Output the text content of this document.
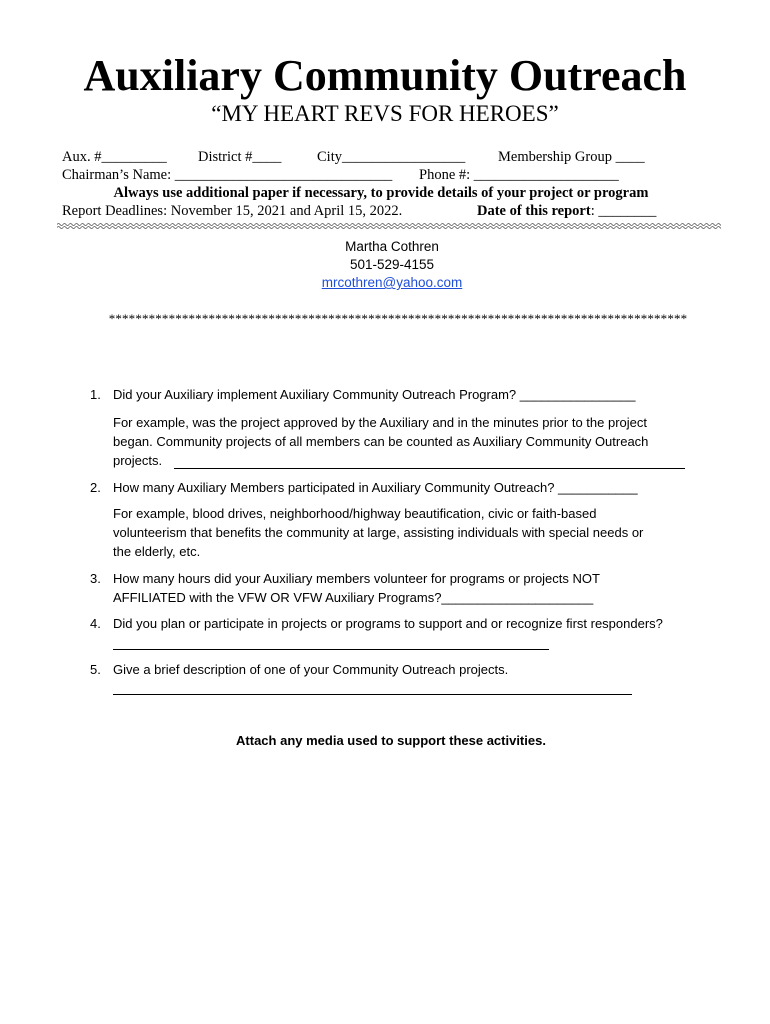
Auxiliary Community Outreach
“MY HEART REVS FOR HEROES”
Aux. #_________ District #____ City_________________ Membership Group ____
Chairman’s Name: ______________________________ Phone #: ____________________
Always use additional paper if necessary, to provide details of your project or program
Report Deadlines: November 15, 2021 and April 15, 2022.	Date of this report: ________
Martha Cothren
501-529-4155
mrcothren@yahoo.com
***************************************************************************************
1. Did your Auxiliary implement Auxiliary Community Outreach Program? ________________
For example, was the project approved by the Auxiliary and in the minutes prior to the project
began. Community projects of all members can be counted as Auxiliary Community Outreach
projects.
2. How many Auxiliary Members participated in Auxiliary Community Outreach? ___________
For example, blood drives, neighborhood/highway beautification, civic or faith-based
volunteerism that benefits the community at large, assisting individuals with special needs or
the elderly, etc.
3. How many hours did your Auxiliary members volunteer for programs or projects NOT
AFFILIATED with the VFW OR VFW Auxiliary Programs?_____________________
4. Did you plan or participate in projects or programs to support and or recognize first responders?
5. Give a brief description of one of your Community Outreach projects.
Attach any media used to support these activities.
